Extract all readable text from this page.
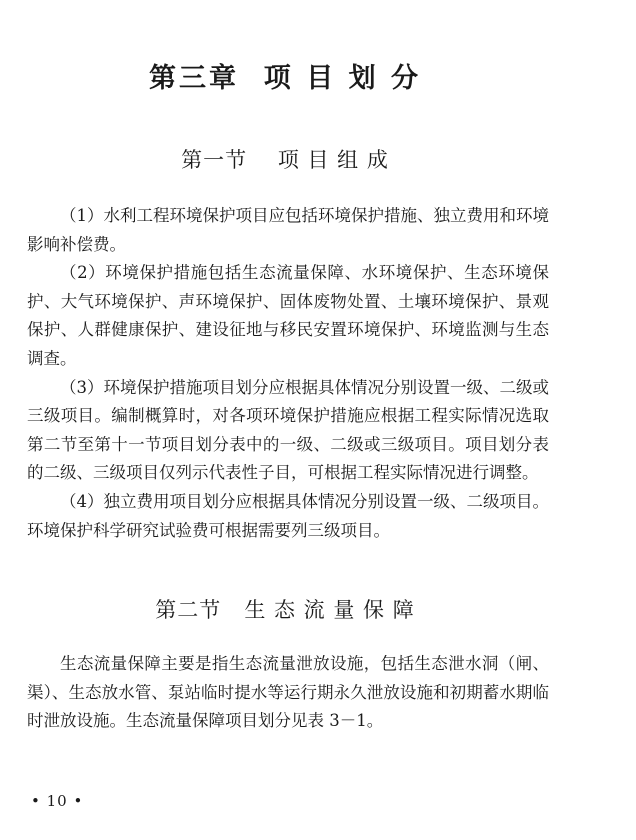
第三章  项 目 划 分
第一节    项 目 组 成

（1）水利工程环境保护项目应包括环境保护措施、独立费用和环境影响补偿费。

（2）环境保护措施包括生态流量保障、水环境保护、生态环境保护、大气环境保护、声环境保护、固体废物处置、土壤环境保护、景观保护、人群健康保护、建设征地与移民安置环境保护、环境监测与生态调查。

（3）环境保护措施项目划分应根据具体情况分别设置一级、二级或三级项目。编制概算时，对各项环境保护措施应根据工程实际情况选取第二节至第十一节项目划分表中的一级、二级或三级项目。项目划分表的二级、三级项目仅列示代表性子目，可根据工程实际情况进行调整。

（4）独立费用项目划分应根据具体情况分别设置一级、二级项目。环境保护科学研究试验费可根据需要列三级项目。

第二节   生 态 流 量 保 障

生态流量保障主要是指生态流量泄放设施，包括生态泄水洞（闸、渠）、生态放水管、泵站临时提水等运行期永久泄放设施和初期蓄水期临时泄放设施。生态流量保障项目划分见表 3－1。

• 10 •
